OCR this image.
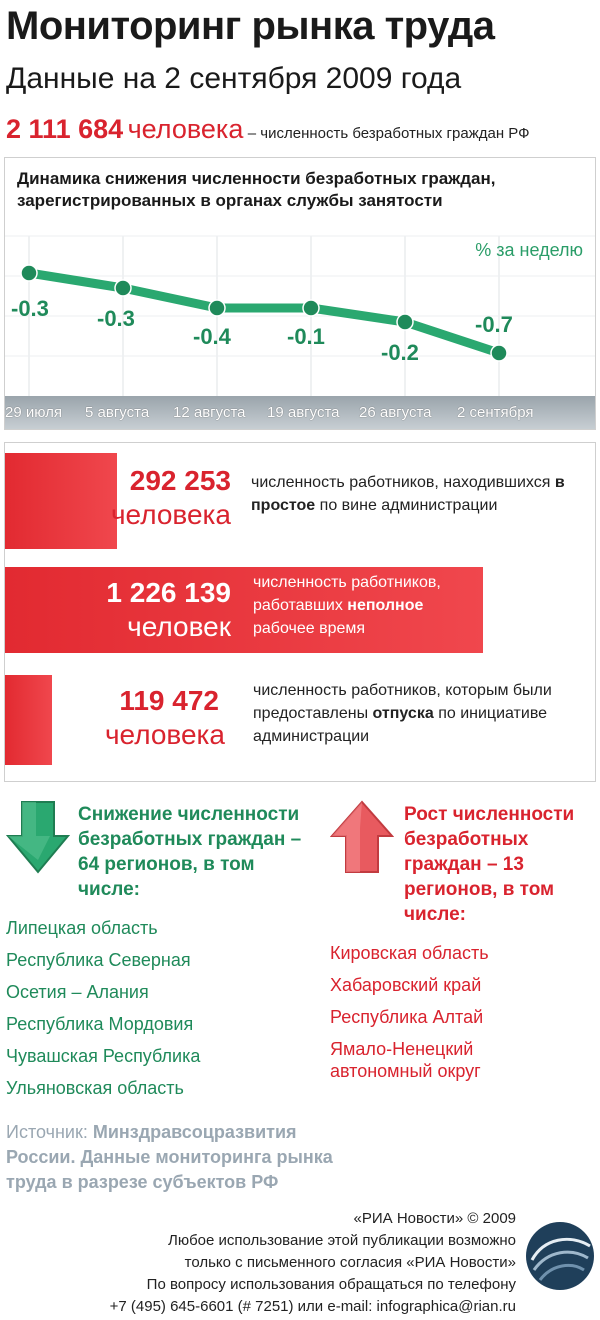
Мониторинг рынка труда
Данные на 2 сентября 2009 года
2 111 684 человека – численность безработных граждан РФ
Динамика снижения численности безработных граждан, зарегистрированных в органах службы занятости
% за неделю
29 июля 5 августа 12 августа 19 августа 26 августа 2 сентября
-0.3 -0.3
-0.4	-0.1
-0.2
-0.7
292 253
человека
численность работников, находившихся в простое по вине администрации
1 226 139
человек
численность работников, работавших неполное рабочее время
119 472
человека
численность работников, которым были предоставлены отпуска по инициативе администрации
Снижение численности безработных граждан – 64 регионов, в том числе:
Липецкая область
Республика Северная
Осетия – Алания
Республика Мордовия
Чувашская Республика
Ульяновская область
Рост численности безработных граждан – 13 регионов, в том числе:
Кировская область
Хабаровский край
Республика Алтай
Ямало-Ненецкий автономный округ
Источник: Минздравсоцразвития России. Данные мониторинга рынка труда в разрезе субъектов РФ
«РИА Новости» © 2009
Любое использование этой публикации возможно
только с письменного согласия «РИА Новости»
По вопросу использования обращаться по телефону
+7 (495) 645-6601 (# 7251) или e-mail: infographica@rian.ru
